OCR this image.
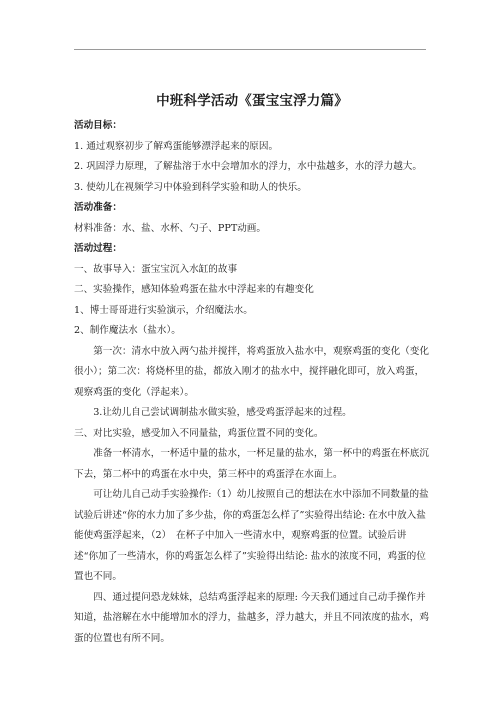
中班科学活动《蛋宝宝浮力篇》

活动目标：

1. 通过观察初步了解鸡蛋能够漂浮起来的原因。

2. 巩固浮力原理，了解盐溶于水中会增加水的浮力，水中盐越多，水的浮力越大。

3. 使幼儿在视频学习中体验到科学实验和助人的快乐。

活动准备：

材料准备：水、盐、水杯、勺子、PPT动画。

活动过程：

一、故事导入：蛋宝宝沉入水缸的故事

二、实验操作，感知体验鸡蛋在盐水中浮起来的有趣变化

1、博士哥哥进行实验演示，介绍魔法水。

2、制作魔法水（盐水）。

第一次：清水中放入两勺盐并搅拌，将鸡蛋放入盐水中，观察鸡蛋的变化（变化很小）；第二次：将烧杯里的盐，都放入刚才的盐水中，搅拌融化即可，放入鸡蛋，观察鸡蛋的变化（浮起来）。

3.让幼儿自己尝试调制盐水做实验，感受鸡蛋浮起来的过程。

三、对比实验，感受加入不同量盐，鸡蛋位置不同的变化。

准备一杯清水，一杯适中量的盐水，一杯足量的盐水，第一杯中的鸡蛋在杯底沉下去，第二杯中的鸡蛋在水中央，第三杯中的鸡蛋浮在水面上。

可让幼儿自己动手实验操作:（1）幼儿按照自己的想法在水中添加不同数量的盐试验后讲述“你的水力加了多少盐，你的鸡蛋怎么样了”实验得出结论: 在水中放入盐能使鸡蛋浮起来，（2）　在杯子中加入一些清水中，观察鸡蛋的位置。试验后讲述“你加了一些清水，你的鸡蛋怎么样了”实验得出结论: 盐水的浓度不同，鸡蛋的位置也不同。

四、通过提问恐龙妹妹，总结鸡蛋浮起来的原理: 今天我们通过自己动手操作并知道，盐溶解在水中能增加水的浮力，盐越多，浮力越大，并且不同浓度的盐水，鸡蛋的位置也有所不同。
